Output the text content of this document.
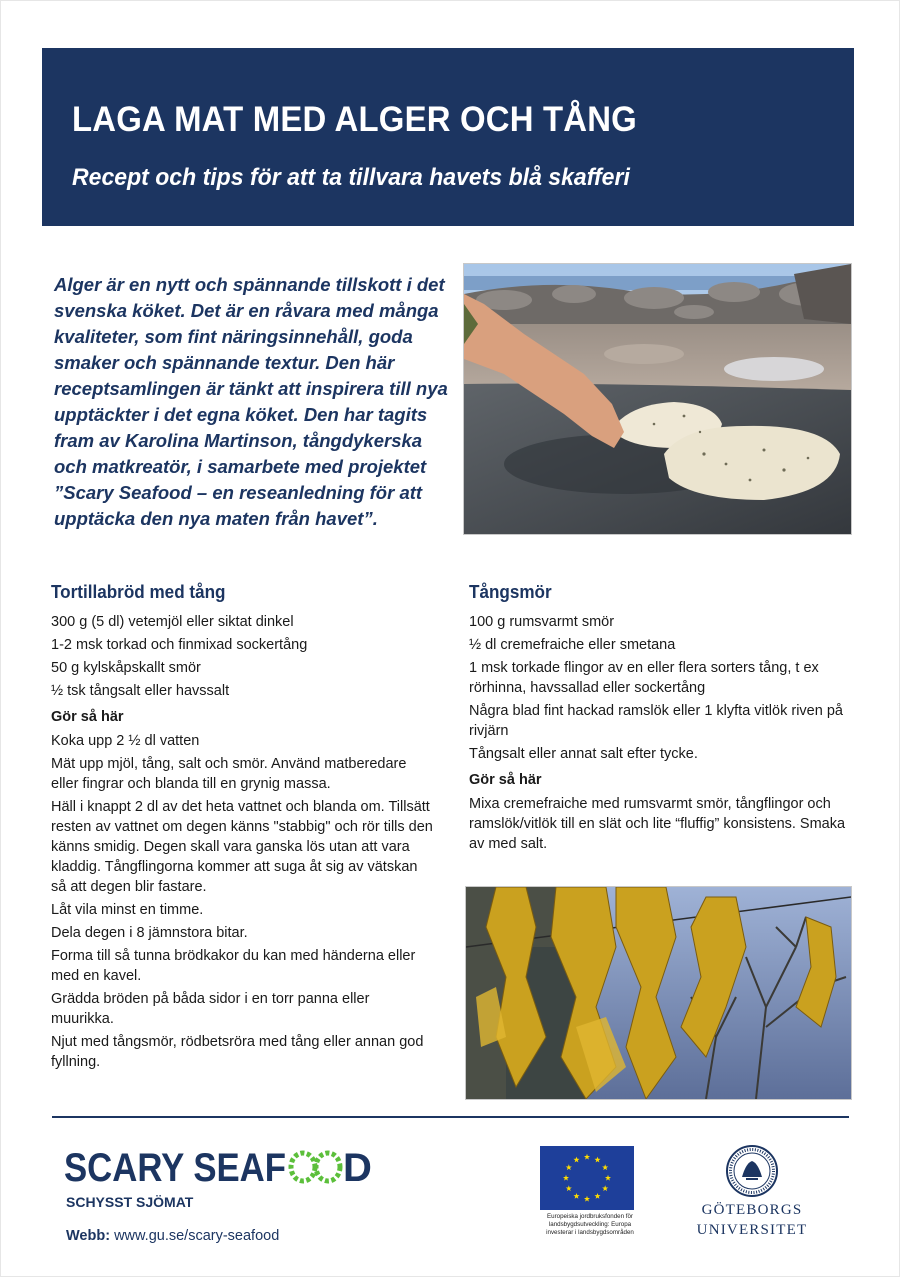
LAGA MAT MED ALGER OCH TÅNG
Recept och tips för att ta tillvara havets blå skafferi
Alger är en nytt och spännande tillskott i det svenska köket. Det är en råvara med många kvaliteter, som fint näringsinnehåll, goda smaker och spännande textur. Den här receptsamlingen är tänkt att inspirera till nya upptäckter i det egna köket. Den har tagits fram av Karolina Martinson, tångdykerska och matkreatör, i samarbete med projektet ”Scary Seafood – en reseanledning för att upptäcka den nya maten från havet”.
Tortillabröd med tång

300 g (5 dl) vetemjöl eller siktat dinkel

1-2 msk torkad och finmixad sockertång

50 g kylskåpskallt smör

½ tsk tångsalt eller havssalt

Gör så här

Koka upp 2 ½ dl vatten

Mät upp mjöl, tång, salt och smör. Använd matberedare eller fingrar och blanda till en grynig massa.

Häll i knappt 2 dl av det heta vattnet och blanda om. Tillsätt resten av vattnet om degen känns "stabbig" och rör tills den känns smidig. Degen skall vara ganska lös utan att vara kladdig. Tångflingorna kommer att suga åt sig av vätskan så att degen blir fastare.

Låt vila minst en timme.

Dela degen i 8 jämnstora bitar.

Forma till så tunna brödkakor du kan med händerna eller med en kavel.

Grädda bröden på båda sidor i en torr panna eller muurikka.

Njut med tångsmör, rödbetsröra med tång eller annan god fyllning.

Tångsmör

100 g rumsvarmt smör

½ dl cremefraiche eller smetana

1 msk torkade flingor av en eller flera sorters tång, t ex rörhinna, havssallad eller sockertång

Några blad fint hackad ramslök eller 1 klyfta vitlök riven på rivjärn

Tångsalt eller annat salt efter tycke.

Gör så här

Mixa cremefraiche med rumsvarmt smör, tångflingor och ramslök/vitlök till en slät och lite “fluffig” konsistens. Smaka av med salt.

SCARY SEAF D
SCHYSST SJÖMAT
Webb: www.gu.se/scary-seafood
Europeiska jordbruksfonden för landsbygdsutveckling: Europa investerar i landsbygdsområden
GÖTEBORGS
UNIVERSITET
